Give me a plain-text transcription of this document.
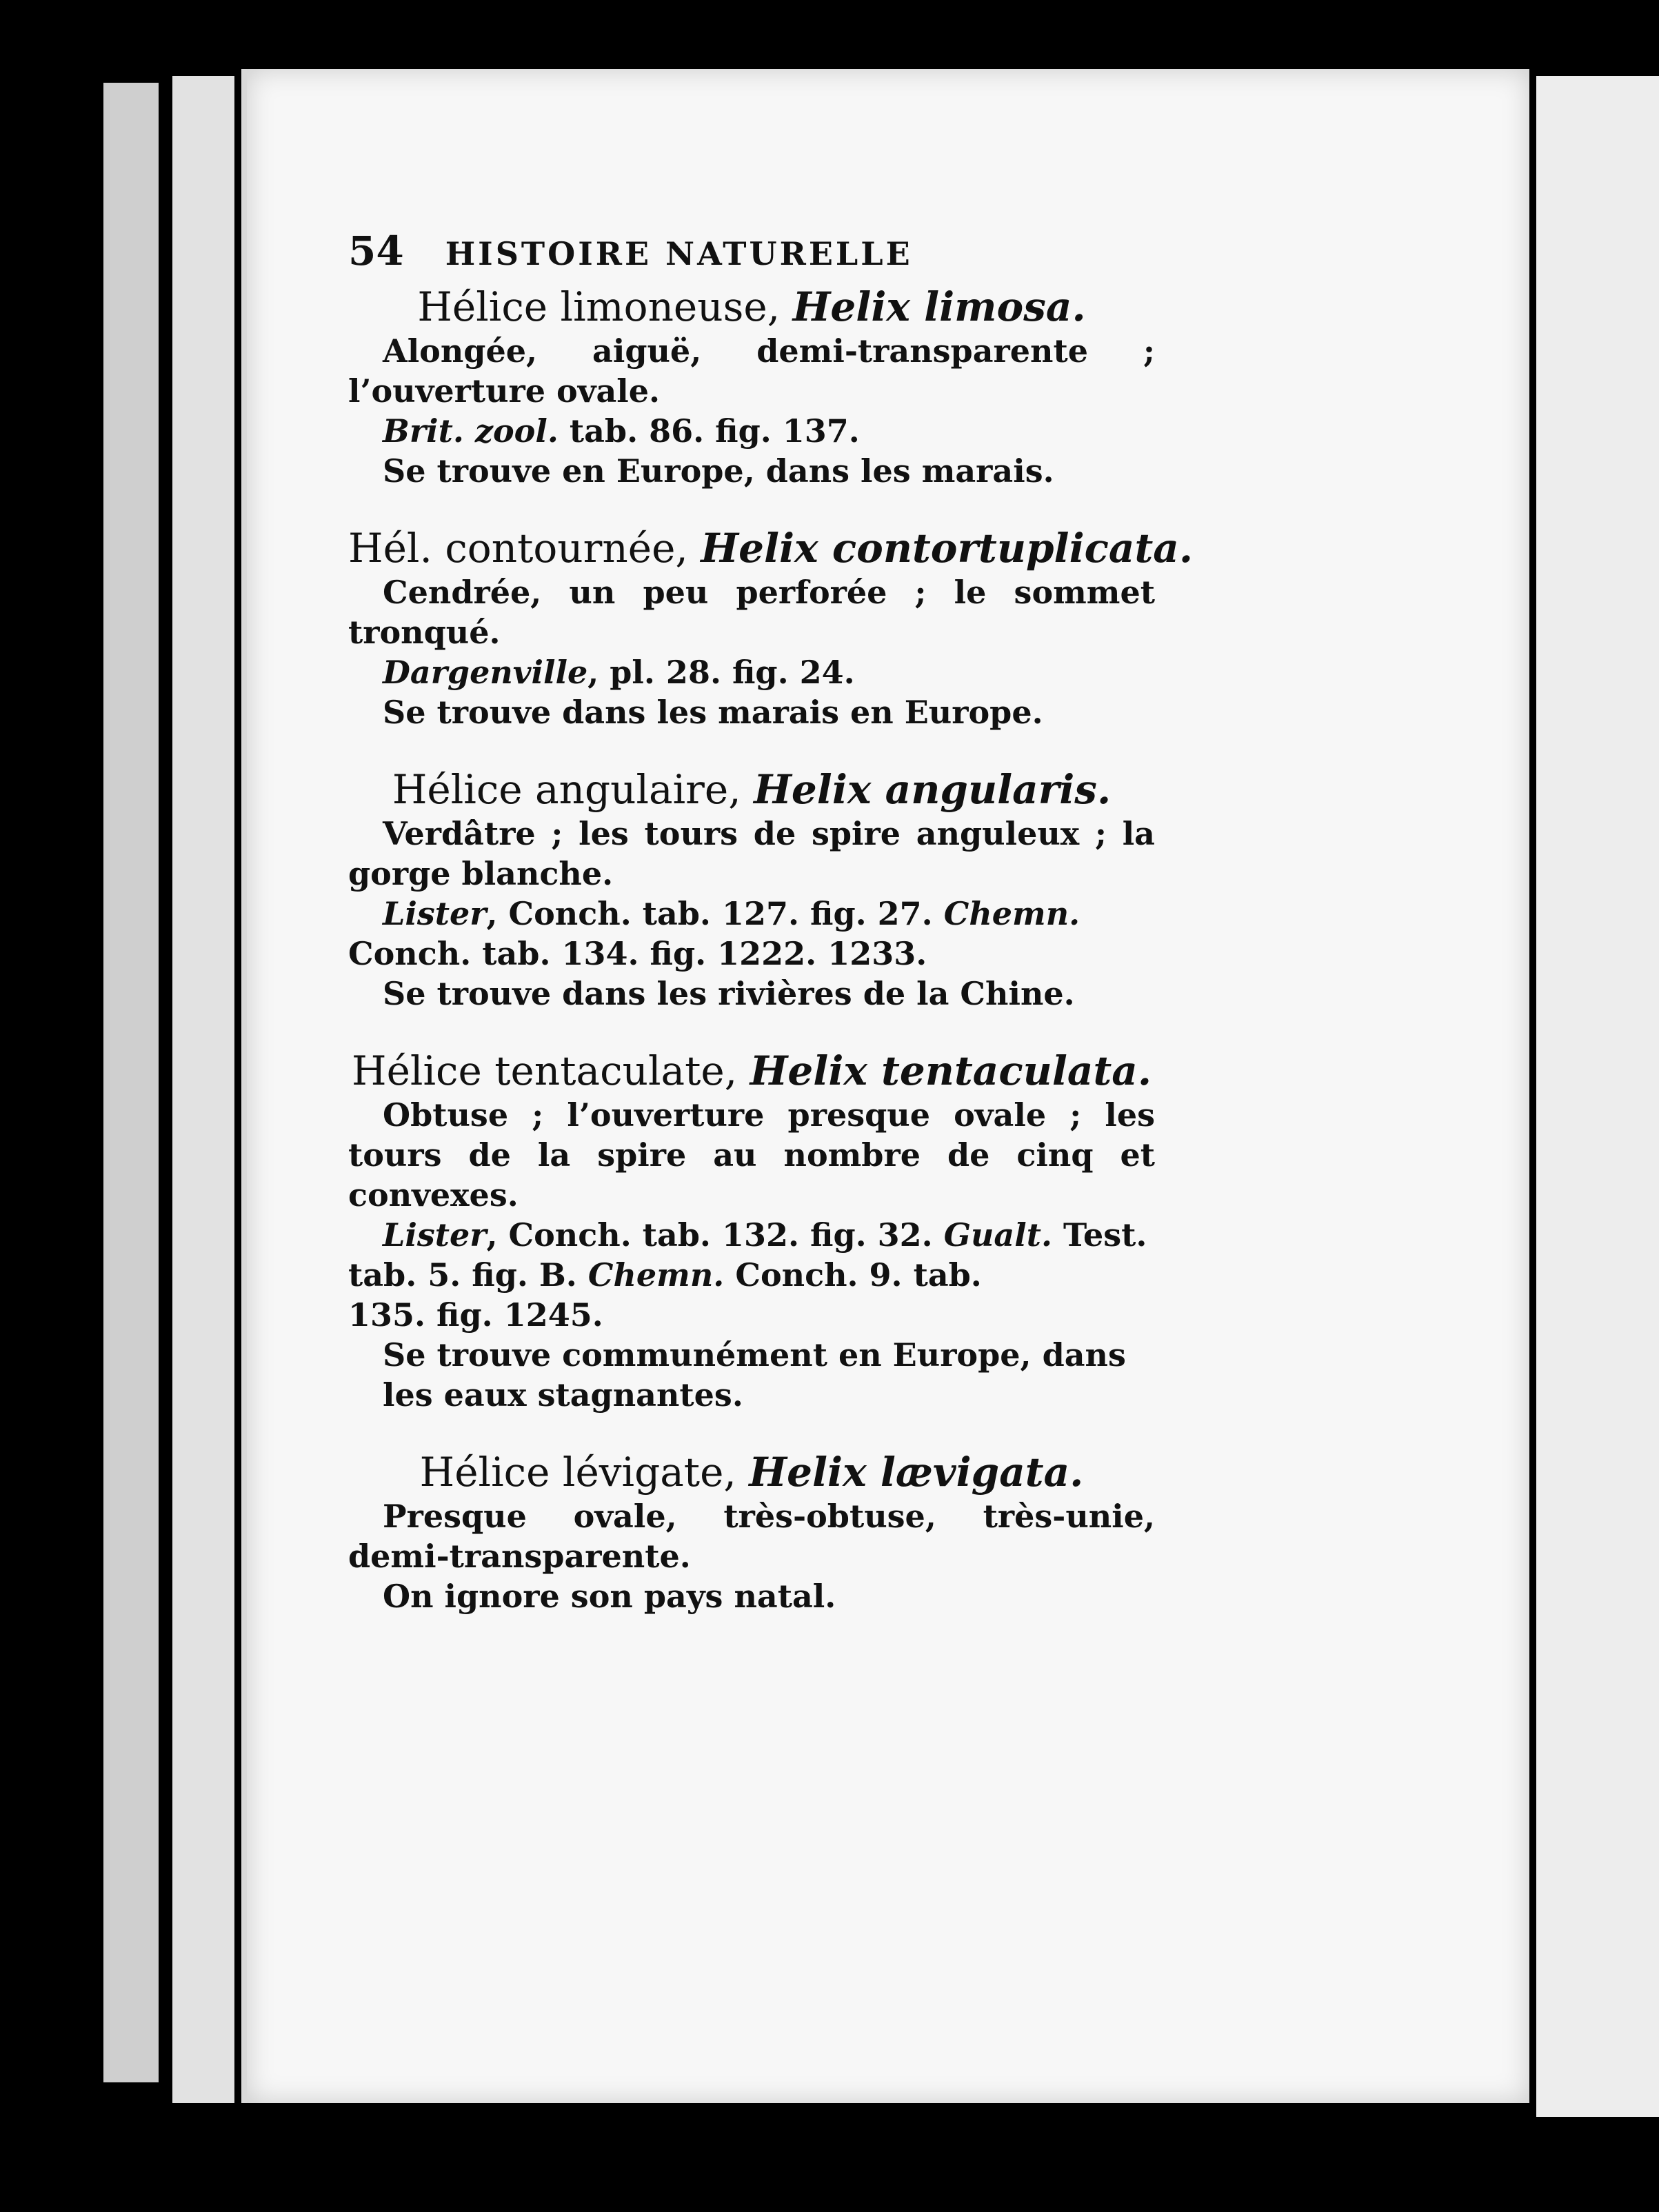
54 HISTOIRE NATURELLE
Hélice limoneuse, Helix limosa.
Alongée, aiguë, demi-transparente ; l’ouverture ovale.
Brit. zool. tab. 86. fig. 137.
Se trouve en Europe, dans les marais.
Hél. contournée, Helix contortuplicata.
Cendrée, un peu perforée ; le sommet tronqué.
Dargenville, pl. 28. fig. 24.
Se trouve dans les marais en Europe.
Hélice angulaire, Helix angularis.
Verdâtre ; les tours de spire anguleux ; la gorge blanche.
Lister, Conch. tab. 127. fig. 27. Chemn. Conch. tab. 134. fig. 1222. 1233.
Se trouve dans les rivières de la Chine.
Hélice tentaculate, Helix tentaculata.
Obtuse ; l’ouverture presque ovale ; les tours de la spire au nombre de cinq et convexes.
Lister, Conch. tab. 132. fig. 32. Gualt. Test. tab. 5. fig. B. Chemn. Conch. 9. tab.
135. fig. 1245.
Se trouve communément en Europe, dans les eaux stagnantes.
Hélice lévigate, Helix lævigata.
Presque ovale, très-obtuse, très-unie, demi-transparente.
On ignore son pays natal.
